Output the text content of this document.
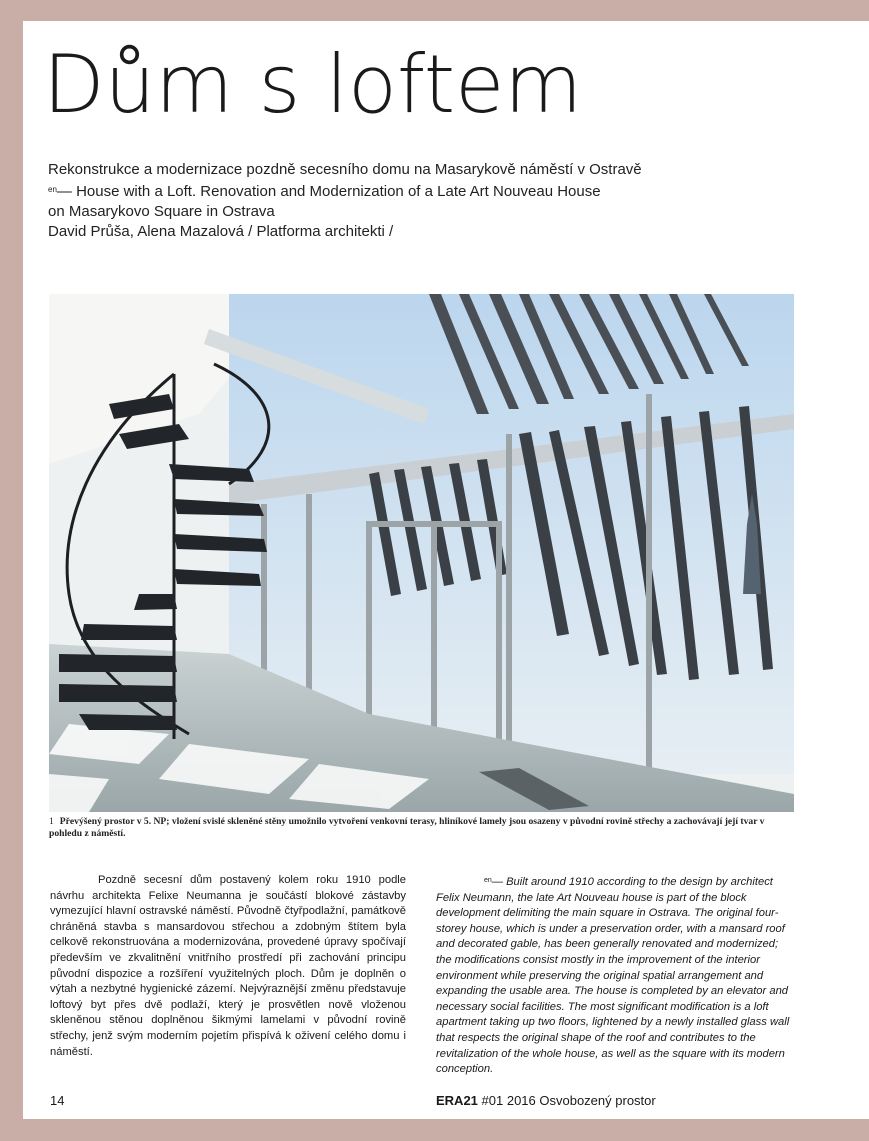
Dům s loftem
Rekonstrukce a modernizace pozdně secesního domu na Masarykově náměstí v Ostravě
$^{en}$— House with a Loft. Renovation and Modernization of a Late Art Nouveau House
on Masarykovo Square in Ostrava
David Průša, Alena Mazalová / Platforma architekti /
1 Převýšený prostor v 5. NP; vložení svislé skleněné stěny umožnilo vytvoření venkovní terasy, hliníkové lamely jsou osazeny v původní rovině střechy a zachovávají její tvar v pohledu z náměstí.

Pozdně secesní dům postavený kolem roku 1910 podle návrhu architekta Felixe Neumanna je součástí blokové zástavby vymezující hlavní ostravské náměstí. Původně čtyřpodlažní, památkově chráněná stavba s mansardovou střechou a zdobným štítem byla celkově rekonstruována a modernizována, provedené úpravy spočívají především ve zkvalitnění vnitřního prostředí při zachování principu původní dispozice a rozšíření využitelných ploch. Dům je doplněn o výtah a nezbytné hygienické zázemí. Nejvýraznější změnu představuje loftový byt přes dvě podlaží, který je prosvětlen nově vloženou skleněnou stěnou doplněnou šikmými lamelami v původní rovině střechy, jenž svým moderním pojetím přispívá k oživení celého domu i náměstí.

$^{en}$— Built around 1910 according to the design by architect Felix Neumann, the late Art Nouveau house is part of the block development delimiting the main square in Ostrava. The original four-storey house, which is under a preservation order, with a mansard roof and decorated gable, has been generally renovated and modernized; the modifications consist mostly in the improvement of the interior environment while preserving the original spatial arrangement and expanding the usable area. The house is completed by an elevator and necessary social facilities. The most significant modification is a loft apartment taking up two floors, lightened by a newly installed glass wall that respects the original shape of the roof and contributes to the revitalization of the whole house, as well as the square with its modern conception.

14	ERA21 #01 2016 Osvobozený prostor
